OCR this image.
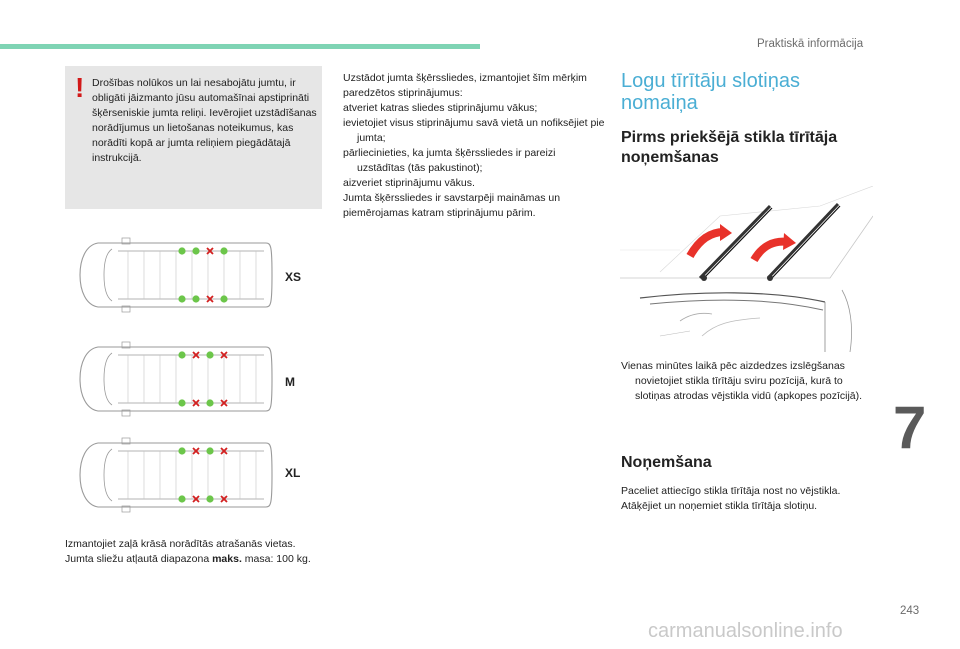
Praktiskā informācija
! Drošības nolūkos un lai nesabojātu jumtu, ir obligāti jāizmanto jūsu automašīnai apstiprināti šķērseniskie jumta reliņi. Ievērojiet uzstādīšanas norādījumus un lietošanas noteikumus, kas norādīti kopā ar jumta reliņiem piegādātajā instrukcijā.
XS
M
XL

Izmantojiet zaļā krāsā norādītās atrašanās vietas.

Jumta sliežu atļautā diapazona maks. masa: 100 kg.

Uzstādot jumta šķērssliedes, izmantojiet šīm mērķim paredzētos stiprinājumus:

atveriet katras sliedes stiprinājumu vākus;

ievietojiet visus stiprinājumu savā vietā un nofiksējiet pie jumta;

pārliecinieties, ka jumta šķērssliedes ir pareizi uzstādītas (tās pakustinot);

aizveriet stiprinājumu vākus.

Jumta šķērssliedes ir savstarpēji maināmas un piemērojamas katram stiprinājumu pārim.

Logu tīrītāju slotiņas nomaiņa
Pirms priekšējā stikla tīrītāja noņemšanas

Vienas minūtes laikā pēc aizdedzes izslēgšanas novietojiet stikla tīrītāju sviru pozīcijā, kurā to slotiņas atrodas vējstikla vidū (apkopes pozīcijā).

Noņemšana

Paceliet attiecīgo stikla tīrītāja nost no vējstikla.

Atāķējiet un noņemiet stikla tīrītāja slotiņu.

7
243
carmanualsonline.info
